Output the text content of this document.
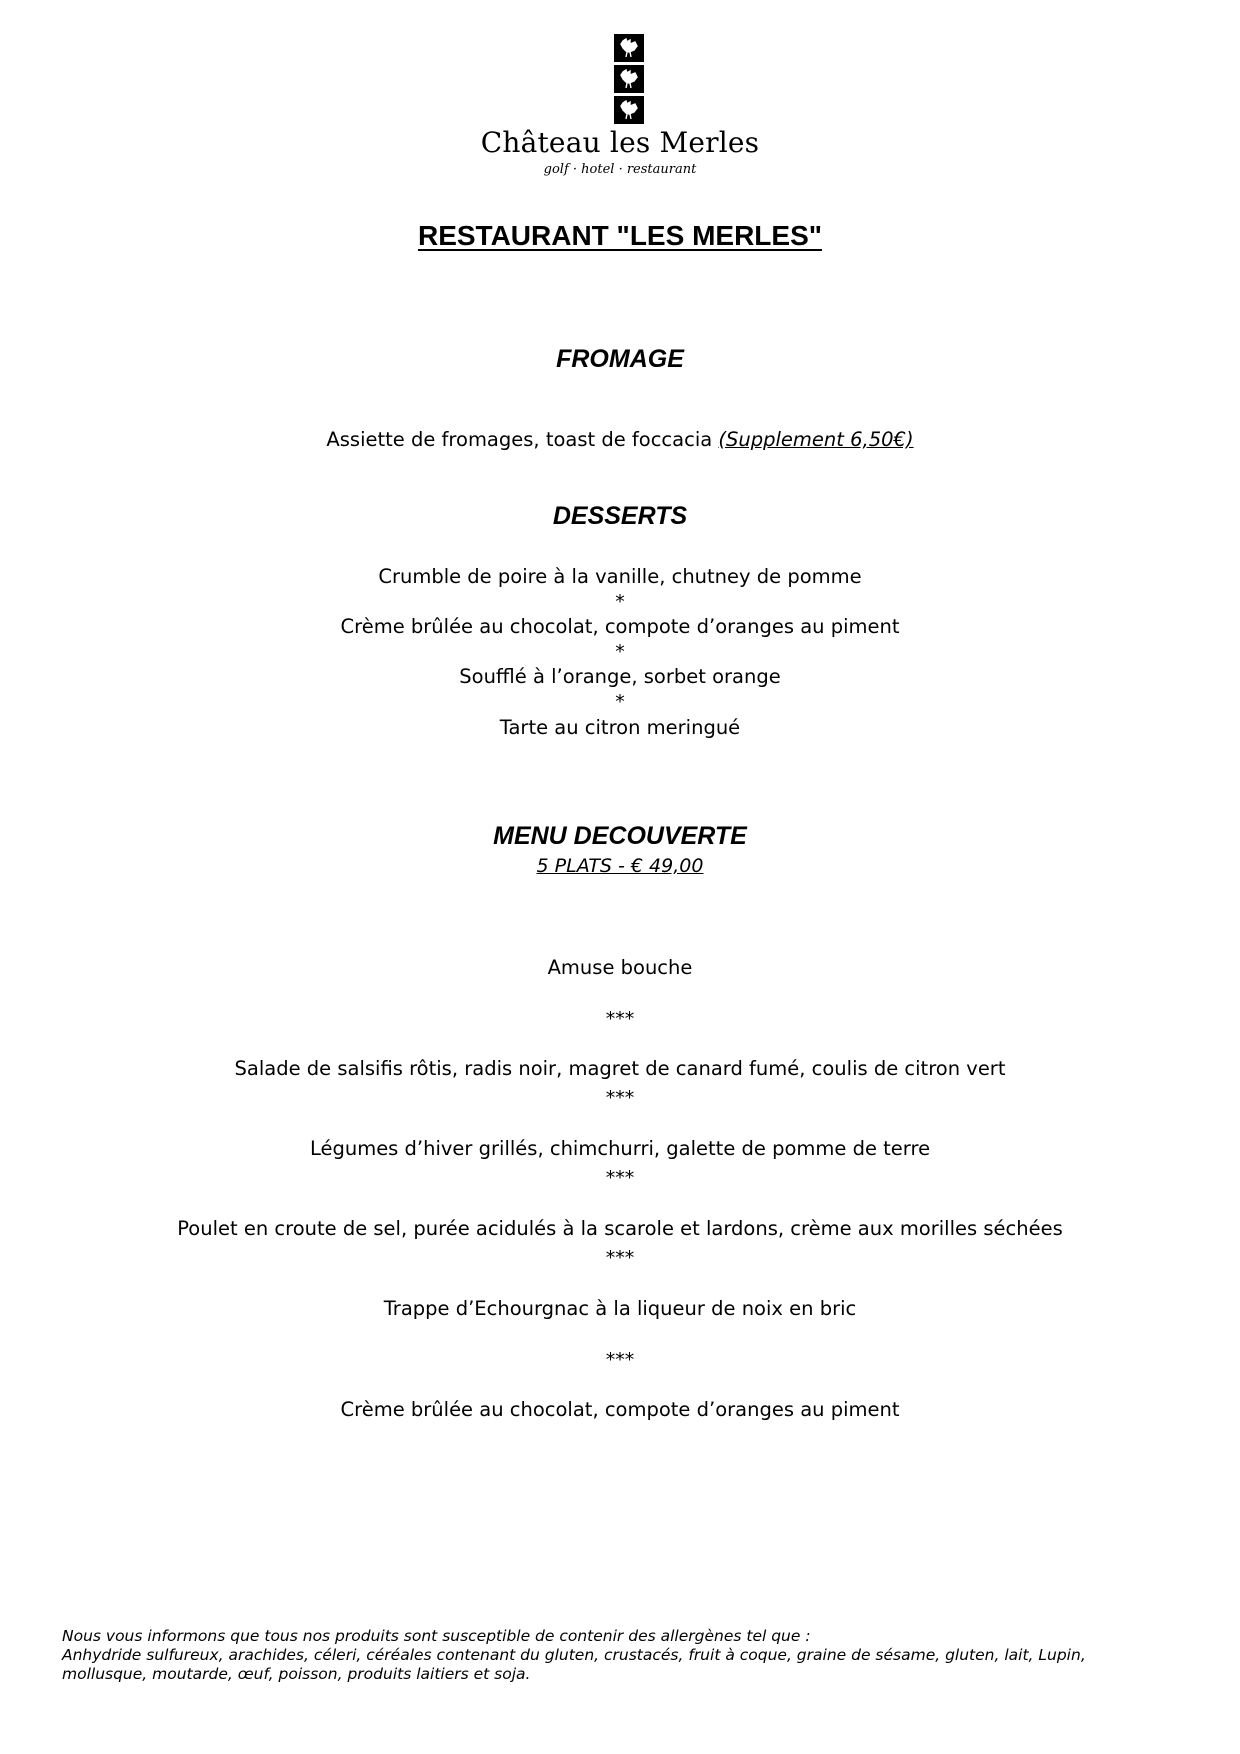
Château les Merles
golf · hotel · restaurant
RESTAURANT "LES MERLES"
FROMAGE
Assiette de fromages, toast de foccacia (Supplement 6,50€)
DESSERTS
Crumble de poire à la vanille, chutney de pomme
*
Crème brûlée au chocolat, compote d’oranges au piment
*
Soufflé à l’orange, sorbet orange
*
Tarte au citron meringué
MENU DECOUVERTE
5 PLATS - € 49,00
Amuse bouche
***
Salade de salsifis rôtis, radis noir, magret de canard fumé, coulis de citron vert
***
Légumes d’hiver grillés, chimchurri, galette de pomme de terre
***
Poulet en croute de sel, purée acidulés à la scarole et lardons, crème aux morilles séchées
***
Trappe d’Echourgnac à la liqueur de noix en bric
***
Crème brûlée au chocolat, compote d’oranges au piment
Nous vous informons que tous nos produits sont susceptible de contenir des allergènes tel que :
Anhydride sulfureux, arachides, céleri, céréales contenant du gluten, crustacés, fruit à coque, graine de sésame, gluten, lait, Lupin,
mollusque, moutarde, œuf, poisson, produits laitiers et soja.
